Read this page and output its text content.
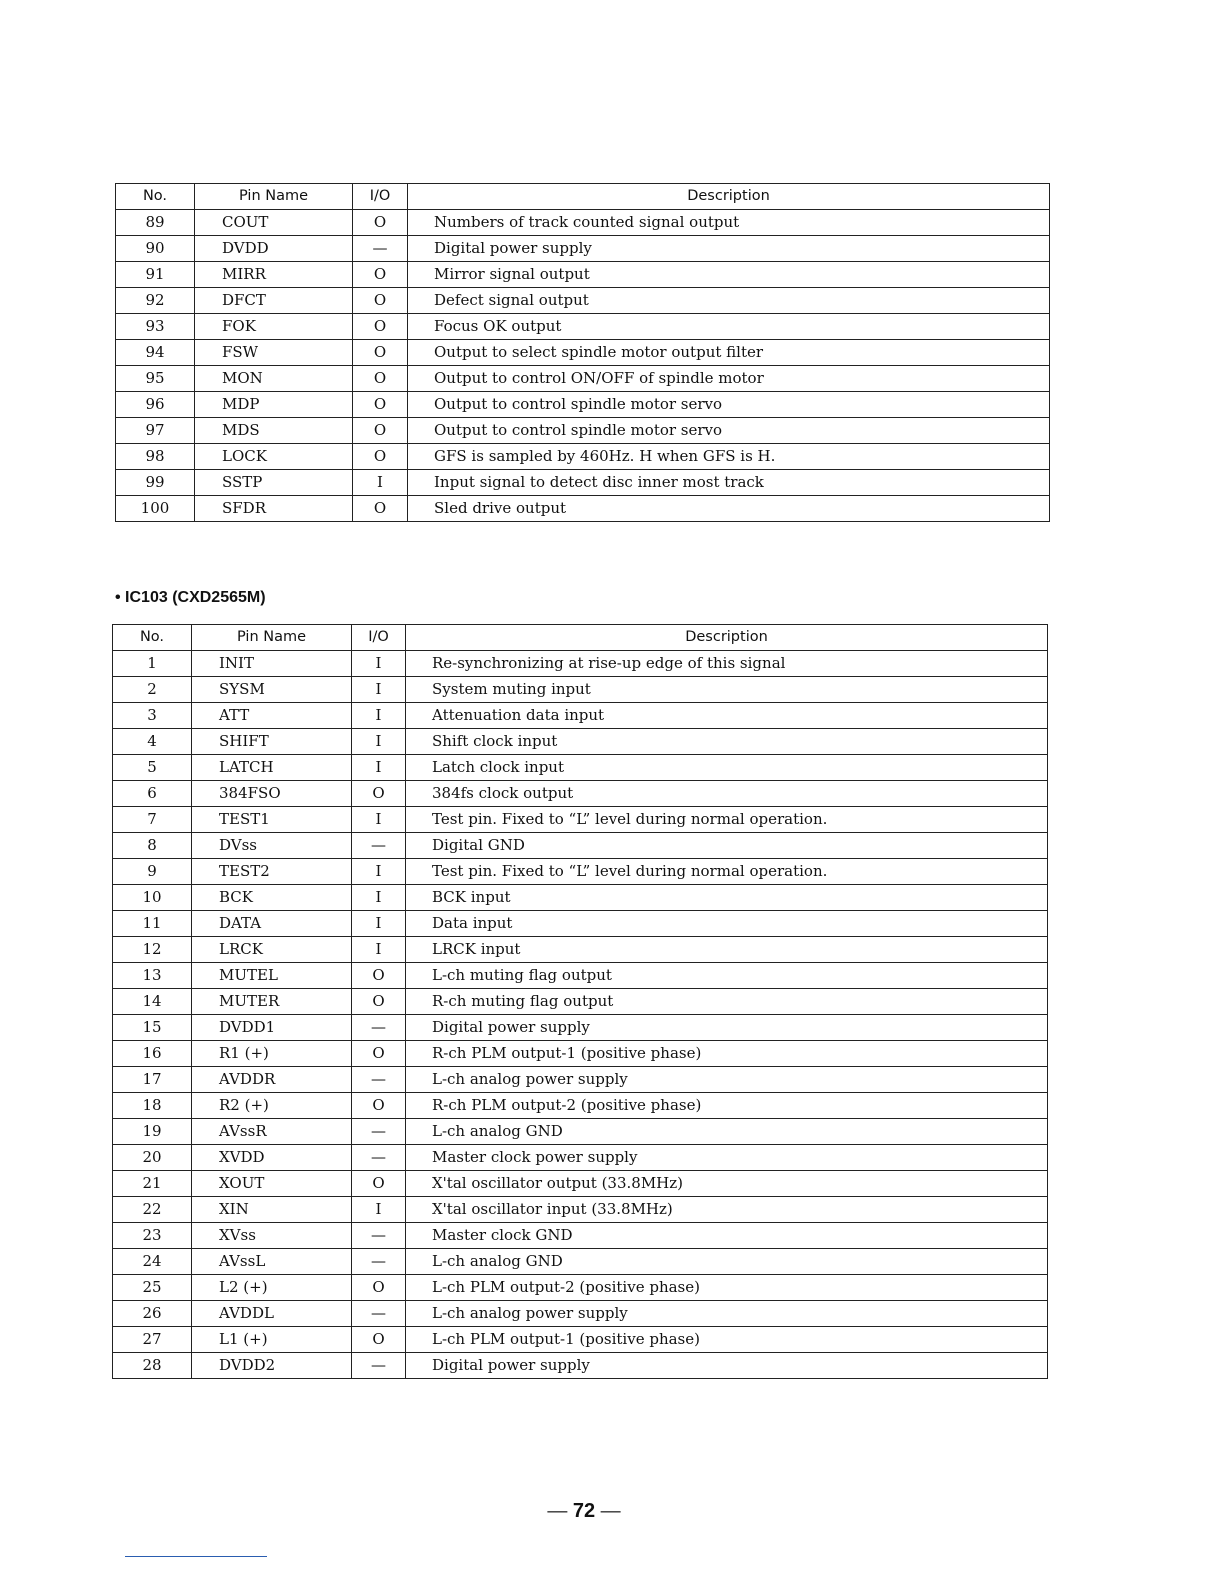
No.	Pin Name	I/O	Description
89	COUT	O	Numbers of track counted signal output
90	DVDD	—	Digital power supply
91	MIRR	O	Mirror signal output
92	DFCT	O	Defect signal output
93	FOK	O	Focus OK output
94	FSW	O	Output to select spindle motor output filter
95	MON	O	Output to control ON/OFF of spindle motor
96	MDP	O	Output to control spindle motor servo
97	MDS	O	Output to control spindle motor servo
98	LOCK	O	GFS is sampled by 460Hz. H when GFS is H.
99	SSTP	I	Input signal to detect disc inner most track
100	SFDR	O	Sled drive output
• IC103 (CXD2565M)
No.	Pin Name	I/O	Description
1	INIT	I	Re-synchronizing at rise-up edge of this signal
2	SYSM	I	System muting input
3	ATT	I	Attenuation data input
4	SHIFT	I	Shift clock input
5	LATCH	I	Latch clock input
6	384FSO	O	384fs clock output
7	TEST1	I	Test pin. Fixed to “L” level during normal operation.
8	DVss	—	Digital GND
9	TEST2	I	Test pin. Fixed to “L” level during normal operation.
10	BCK	I	BCK input
11	DATA	I	Data input
12	LRCK	I	LRCK input
13	MUTEL	O	L-ch muting flag output
14	MUTER	O	R-ch muting flag output
15	DVDD1	—	Digital power supply
16	R1 (+)	O	R-ch PLM output-1 (positive phase)
17	AVDDR	—	L-ch analog power supply
18	R2 (+)	O	R-ch PLM output-2 (positive phase)
19	AVssR	—	L-ch analog GND
20	XVDD	—	Master clock power supply
21	XOUT	O	X'tal oscillator output (33.8MHz)
22	XIN	I	X'tal oscillator input (33.8MHz)
23	XVss	—	Master clock GND
24	AVssL	—	L-ch analog GND
25	L2 (+)	O	L-ch PLM output-2 (positive phase)
26	AVDDL	—	L-ch analog power supply
27	L1 (+)	O	L-ch PLM output-1 (positive phase)
28	DVDD2	—	Digital power supply
— 72 —
